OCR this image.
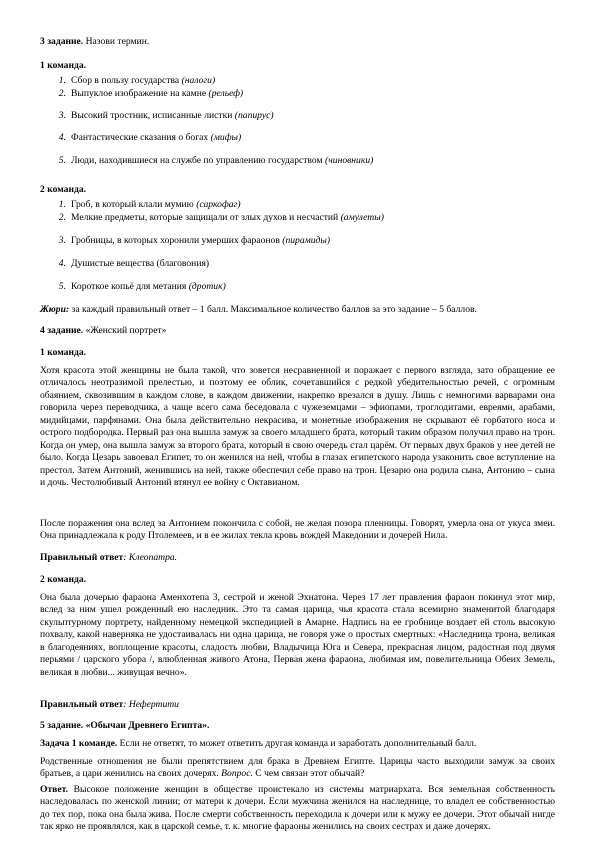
3 задание. Назови термин.

1 команда.

1. Сбор в пользу государства (налоги)
2. Выпуклое изображение на камне (рельеф)
3. Высокий тростник, исписанные листки (папирус)
4. Фантастические сказания о богах (мифы)
5. Люди, находившиеся на службе по управлению государством (чиновники)

2 команда.

1. Гроб, в который клали мумию (саркофаг)
2. Мелкие предметы, которые защищали от злых духов и несчастий (амулеты)
3. Гробницы, в которых хоронили умерших фараонов (пирамиды)
4. Душистые вещества (благовония)
5. Короткое копьё для метания (дротик)

Жюри: за каждый правильный ответ – 1 балл. Максимальное количество баллов за это задание – 5 баллов.

4 задание. «Женский портрет»

1 команда.

Хотя красота этой женщины не была такой, что зовется несравненной и поражает с первого взгляда, зато обращение ее отличалось неотразимой прелестью, и поэтому ее облик, сочетавшийся с редкой убедительностью речей, с огромным обаянием, сквозившим в каждом слове, в каждом движении, накрепко врезался в душу. Лишь с немногими варварами она говорила через переводчика, а чаще всего сама беседовала с чужеземцами – эфиопами, троглодитами, евреями, арабами, мидийцами, парфянами. Она была действительно некрасива, и монетные изображения не скрывают её горбатого носа и острого подбородка. Первый раз она вышла замуж за своего младшего брата, который таким образом получил право на трон. Когда он умер, она вышла замуж за второго брата, который в свою очередь стал царём. От первых двух браков у нее детей не было. Когда Цезарь завоевал Египет, то он женился на ней, чтобы в глазах египетского народа узаконить свое вступление на престол. Затем Антоний, женившись на ней, также обеспечил себе право на трон. Цезарю она родила сына, Антонию – сына и дочь. Честолюбивый Антоний втянул ее войну с Октавианом.

После поражения она вслед за Антонием покончила с собой, не желая позора пленницы. Говорят, умерла она от укуса змеи. Она принадлежала к роду Птолемеев, и в ее жилах текла кровь вождей Македонии и дочерей Нила.

Правильный ответ: Клеопатра.

2 команда.

Она была дочерью фараона Аменхотепа 3, сестрой и женой Эхнатона. Через 17 лет правления фараон покинул этот мир, вслед за ним ушел рожденный ею наследник. Это та самая царица, чья красота стала всемирно знаменитой благодаря скульптурному портрету, найденному немецкой экспедицией в Амарне. Надпись на ее гробнице воздает ей столь высокую похвалу, какой наверняка не удостаивалась ни одна царица, не говоря уже о простых смертных: «Наследница трона, великая в благодеяниях, воплощение красоты, сладость любви, Владычица Юга и Севера, прекрасная лицом, радостная под двумя перьями / царского убора /, влюбленная живого Атона, Первая жена фараона, любимая им, повелительница Обеих Земель, великая в любви... живущая вечно».

Правильный ответ: Нефертити

5 задание. «Обычаи Древнего Египта».

Задача 1 команде. Если не ответят, то может ответить другая команда и заработать дополнительный балл.

Родственные отношения не были препятствием для брака в Древнем Египте. Царицы часто выходили замуж за своих братьев, а цари женились на своих дочерях. Вопрос. С чем связан этот обычай?

Ответ. Высокое положение женщин в обществе проистекало из системы матриархата. Вся земельная собственность наследовалась по женской линии; от матери к дочери. Если мужчина женился на наследнице, то владел ее собственностью до тех пор, пока она была жива. После смерти собственность переходила к дочери или к мужу ее дочери. Этот обычай нигде так ярко не проявлялся, как в царской семье, т. к. многие фараоны женились на своих сестрах и даже дочерях.
